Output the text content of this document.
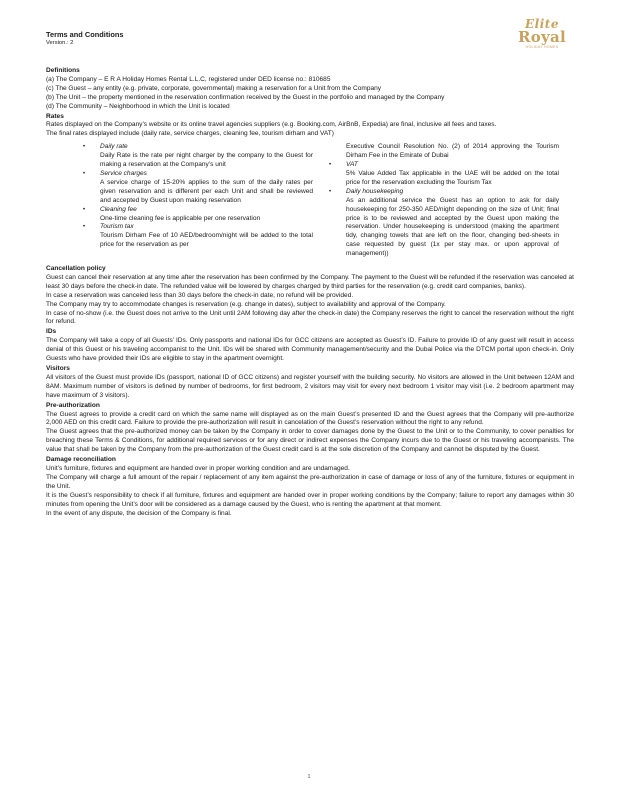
Terms and Conditions
Version.: 2
Elite
Royal
HOLIDAY HOMES

Definitions

(a) The Company – E R A Holiday Homes Rental L.L.C, registered under DED license no.: 810685

(c) The Guest – any entity (e.g. private, corporate, governmental) making a reservation for a Unit from the Company

(b) The Unit – the property mentioned in the reservation confirmation received by the Guest in the portfolio and managed by the Company

(d) The Community – Neighborhood in which the Unit is located

Rates

Rates displayed on the Company’s website or its online travel agencies suppliers (e.g. Booking.com, AirBnB, Expedia) are final, inclusive all fees and taxes.

The final rates displayed include (daily rate, service charges, cleaning fee, tourism dirham and VAT)

•	Daily rate
Daily Rate is the rate per night charger by the company to the Guest for making a reservation at the Company’s unit
•	Service charges
A service charge of 15-20% applies to the sum of the daily rates per given reservation and is different per each Unit and shall be reviewed and accepted by Guest upon making reservation
•	Cleaning fee
One-time cleaning fee is applicable per one reservation
•	Tourism tax
Tourism Dirham Fee of 10 AED/bedroom/night will be added to the total price for the reservation as per
Executive Council Resolution No. (2) of 2014 approving the Tourism Dirham Fee in the Emirate of Dubai
•	VAT
5% Value Added Tax applicable in the UAE will be added on the total price for the reservation excluding the Tourism Tax
•	Daily housekeeping
As an additional service the Guest has an option to ask for daily housekeeping for 250-350 AED/night depending on the size of Unit; final price is to be reviewed and accepted by the Guest upon making the reservation. Under housekeeping is understood (making the apartment tidy, changing towels that are left on the floor, changing bed-sheets in case requested by guest (1x per stay max. or upon approval of management))

Cancellation policy

Guest can cancel their reservation at any time after the reservation has been confirmed by the Company. The payment to the Guest will be refunded if the reservation was canceled at least 30 days before the check-in date. The refunded value will be lowered by charges charged by third parties for the reservation (e.g. credit card companies, banks).

In case a reservation was canceled less than 30 days before the check-in date, no refund will be provided.

The Company may try to accommodate changes is reservation (e.g. change in dates), subject to availability and approval of the Company.

In case of no-show (i.e. the Guest does not arrive to the Unit until 2AM following day after the check-in date) the Company reserves the right to cancel the reservation without the right for refund.

IDs

The Company will take a copy of all Guests’ IDs. Only passports and national IDs for GCC citizens are accepted as Guest’s ID. Failure to provide ID of any guest will result in access denial of this Guest or his traveling accompanist to the Unit. IDs will be shared with Community management/security and the Dubai Police via the DTCM portal upon check-in. Only Guests who have provided their IDs are eligible to stay in the apartment overnight.

Visitors

All visitors of the Guest must provide IDs (passport, national ID of GCC citizens) and register yourself with the building security. No visitors are allowed in the Unit between 12AM and 8AM. Maximum number of visitors is defined by number of bedrooms, for first bedroom, 2 visitors may visit for every next bedroom 1 visitor may visit (i.e. 2 bedroom apartment may have maximum of 3 visitors).

Pre-authorization

The Guest agrees to provide a credit card on which the same name will displayed as on the main Guest’s presented ID and the Guest agrees that the Company will pre-authorize 2,000 AED on this credit card. Failure to provide the pre-authorization will result in cancelation of the Guest’s reservation without the right to any refund.

The Guest agrees that the pre-authorized money can be taken by the Company in order to cover damages done by the Guest to the Unit or to the Community, to cover penalties for breaching these Terms & Conditions, for additional required services or for any direct or indirect expenses the Company incurs due to the Guest or his traveling accompanists. The value that shall be taken by the Company from the pre-authorization of the Guest credit card is at the sole discretion of the Company and cannot be disputed by the Guest.

Damage reconciliation

Unit’s furniture, fixtures and equipment are handed over in proper working condition and are undamaged.

The Company will charge a full amount of the repair / replacement of any item against the pre-authorization in case of damage or loss of any of the furniture, fixtures or equipment in the Unit.

It is the Guest’s responsibility to check if all furniture, fixtures and equipment are handed over in proper working conditions by the Company; failure to report any damages within 30 minutes from opening the Unit’s door will be considered as a damage caused by the Guest, who is renting the apartment at that moment.

In the event of any dispute, the decision of the Company is final.

1
